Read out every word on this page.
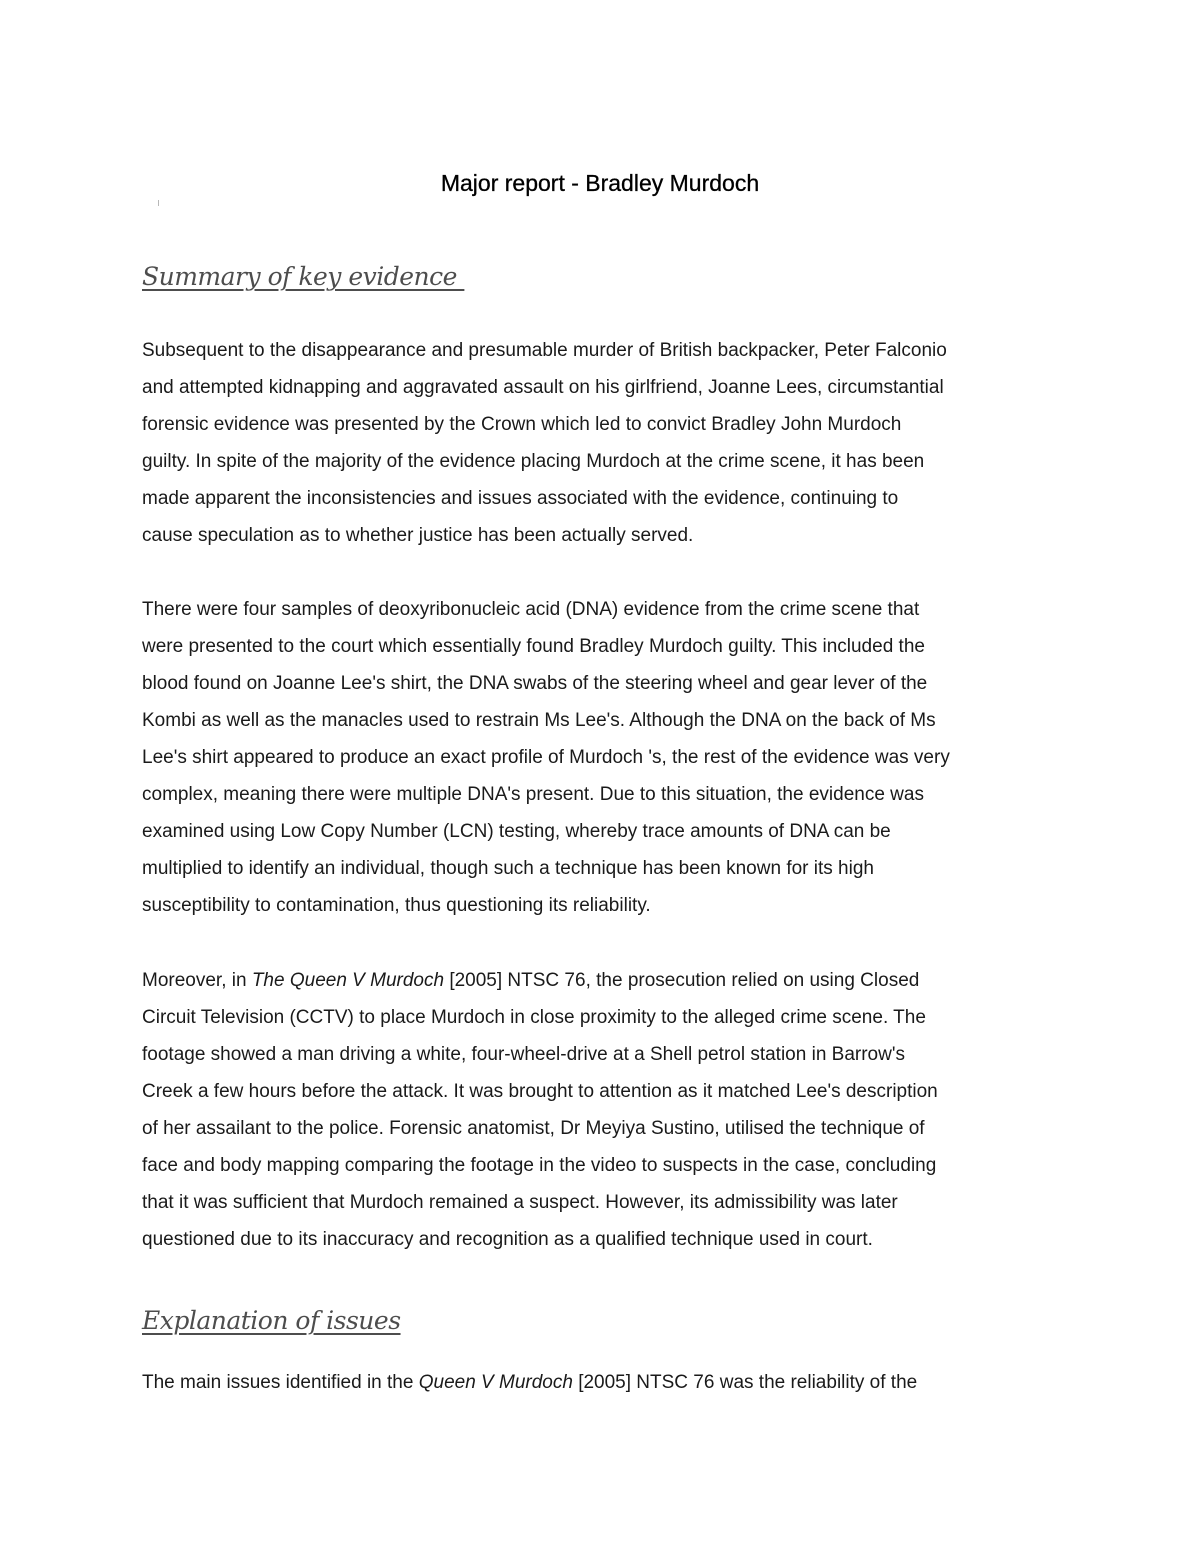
Major report - Bradley Murdoch
Summary of key evidence
Subsequent to the disappearance and presumable murder of British backpacker, Peter Falconio
and attempted kidnapping and aggravated assault on his girlfriend, Joanne Lees, circumstantial
forensic evidence was presented by the Crown which led to convict Bradley John Murdoch
guilty. In spite of the majority of the evidence placing Murdoch at the crime scene, it has been
made apparent the inconsistencies and issues associated with the evidence, continuing to
cause speculation as to whether justice has been actually served.
There were four samples of deoxyribonucleic acid (DNA) evidence from the crime scene that
were presented to the court which essentially found Bradley Murdoch guilty. This included the
blood found on Joanne Lee's shirt, the DNA swabs of the steering wheel and gear lever of the
Kombi as well as the manacles used to restrain Ms Lee's. Although the DNA on the back of Ms
Lee's shirt appeared to produce an exact profile of Murdoch 's, the rest of the evidence was very
complex, meaning there were multiple DNA's present. Due to this situation, the evidence was
examined using Low Copy Number (LCN) testing, whereby trace amounts of DNA can be
multiplied to identify an individual, though such a technique has been known for its high
susceptibility to contamination, thus questioning its reliability.
Moreover, in The Queen V Murdoch [2005] NTSC 76, the prosecution relied on using Closed
Circuit Television (CCTV) to place Murdoch in close proximity to the alleged crime scene. The
footage showed a man driving a white, four-wheel-drive at a Shell petrol station in Barrow's
Creek a few hours before the attack. It was brought to attention as it matched Lee's description
of her assailant to the police. Forensic anatomist, Dr Meyiya Sustino, utilised the technique of
face and body mapping comparing the footage in the video to suspects in the case, concluding
that it was sufficient that Murdoch remained a suspect. However, its admissibility was later
questioned due to its inaccuracy and recognition as a qualified technique used in court.
Explanation of issues
The main issues identified in the Queen V Murdoch [2005] NTSC 76 was the reliability of the
